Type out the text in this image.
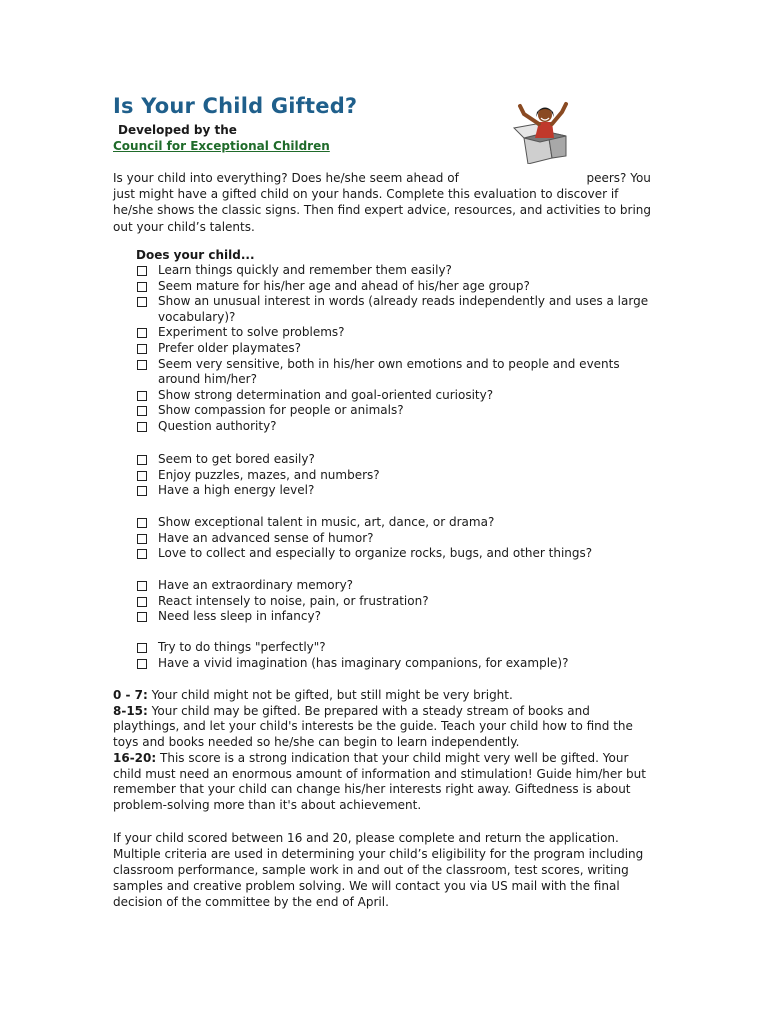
Is Your Child Gifted?
Developed by the
Council for Exceptional Children

Is your child into everything? Does he/she seem ahead of	peers? You just might have a gifted child on your hands. Complete this evaluation to discover if he/she shows the classic signs. Then find expert advice, resources, and activities to bring out your child’s talents.

Does your child...
Learn things quickly and remember them easily?
Seem mature for his/her age and ahead of his/her age group?
Show an unusual interest in words (already reads independently and uses a large vocabulary)?
Experiment to solve problems?
Prefer older playmates?
Seem very sensitive, both in his/her own emotions and to people and events around him/her?
Show strong determination and goal-oriented curiosity?
Show compassion for people or animals?
Question authority?
Seem to get bored easily?
Enjoy puzzles, mazes, and numbers?
Have a high energy level?
Show exceptional talent in music, art, dance, or drama?
Have an advanced sense of humor?
Love to collect and especially to organize rocks, bugs, and other things?
Have an extraordinary memory?
React intensely to noise, pain, or frustration?
Need less sleep in infancy?
Try to do things "perfectly"?
Have a vivid imagination (has imaginary companions, for example)?

0 - 7: Your child might not be gifted, but still might be very bright.
8-15: Your child may be gifted. Be prepared with a steady stream of books and playthings, and let your child's interests be the guide. Teach your child how to find the toys and books needed so he/she can begin to learn independently.
16-20: This score is a strong indication that your child might very well be gifted. Your child must need an enormous amount of information and stimulation! Guide him/her but remember that your child can change his/her interests right away. Giftedness is about problem-solving more than it's about achievement.

If your child scored between 16 and 20, please complete and return the application. Multiple criteria are used in determining your child’s eligibility for the program including classroom performance, sample work in and out of the classroom, test scores, writing samples and creative problem solving. We will contact you via US mail with the final decision of the committee by the end of April.
